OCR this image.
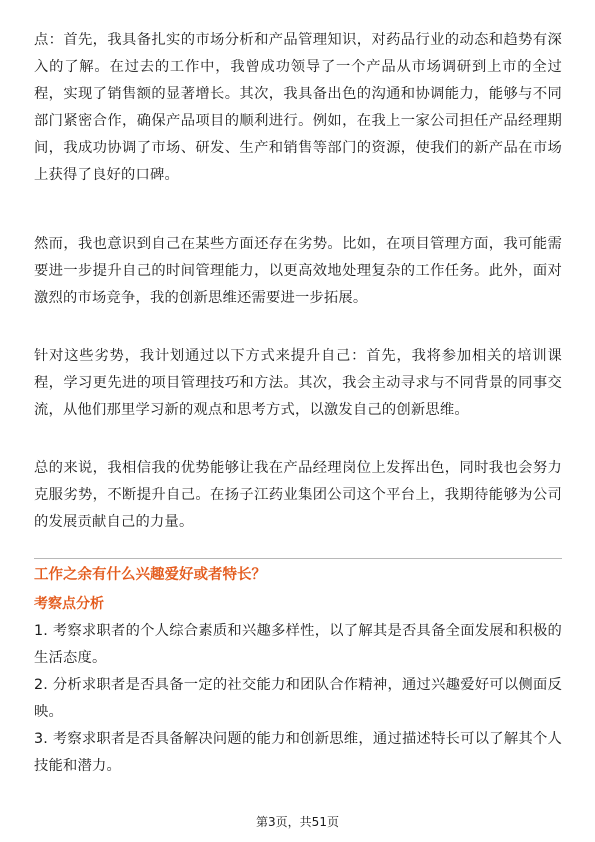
点：首先，我具备扎实的市场分析和产品管理知识，对药品行业的动态和趋势有深入的了解。在过去的工作中，我曾成功领导了一个产品从市场调研到上市的全过程，实现了销售额的显著增长。其次，我具备出色的沟通和协调能力，能够与不同部门紧密合作，确保产品项目的顺利进行。例如，在我上一家公司担任产品经理期间，我成功协调了市场、研发、生产和销售等部门的资源，使我们的新产品在市场上获得了良好的口碑。

然而，我也意识到自己在某些方面还存在劣势。比如，在项目管理方面，我可能需要进一步提升自己的时间管理能力，以更高效地处理复杂的工作任务。此外，面对激烈的市场竞争，我的创新思维还需要进一步拓展。

针对这些劣势，我计划通过以下方式来提升自己：首先，我将参加相关的培训课程，学习更先进的项目管理技巧和方法。其次，我会主动寻求与不同背景的同事交流，从他们那里学习新的观点和思考方式，以激发自己的创新思维。

总的来说，我相信我的优势能够让我在产品经理岗位上发挥出色，同时我也会努力克服劣势，不断提升自己。在扬子江药业集团公司这个平台上，我期待能够为公司的发展贡献自己的力量。

工作之余有什么兴趣爱好或者特长？
考察点分析
1. 考察求职者的个人综合素质和兴趣多样性，以了解其是否具备全面发展和积极的生活态度。
2. 分析求职者是否具备一定的社交能力和团队合作精神，通过兴趣爱好可以侧面反映。
3. 考察求职者是否具备解决问题的能力和创新思维，通过描述特长可以了解其个人技能和潜力。
第3页，共51页
